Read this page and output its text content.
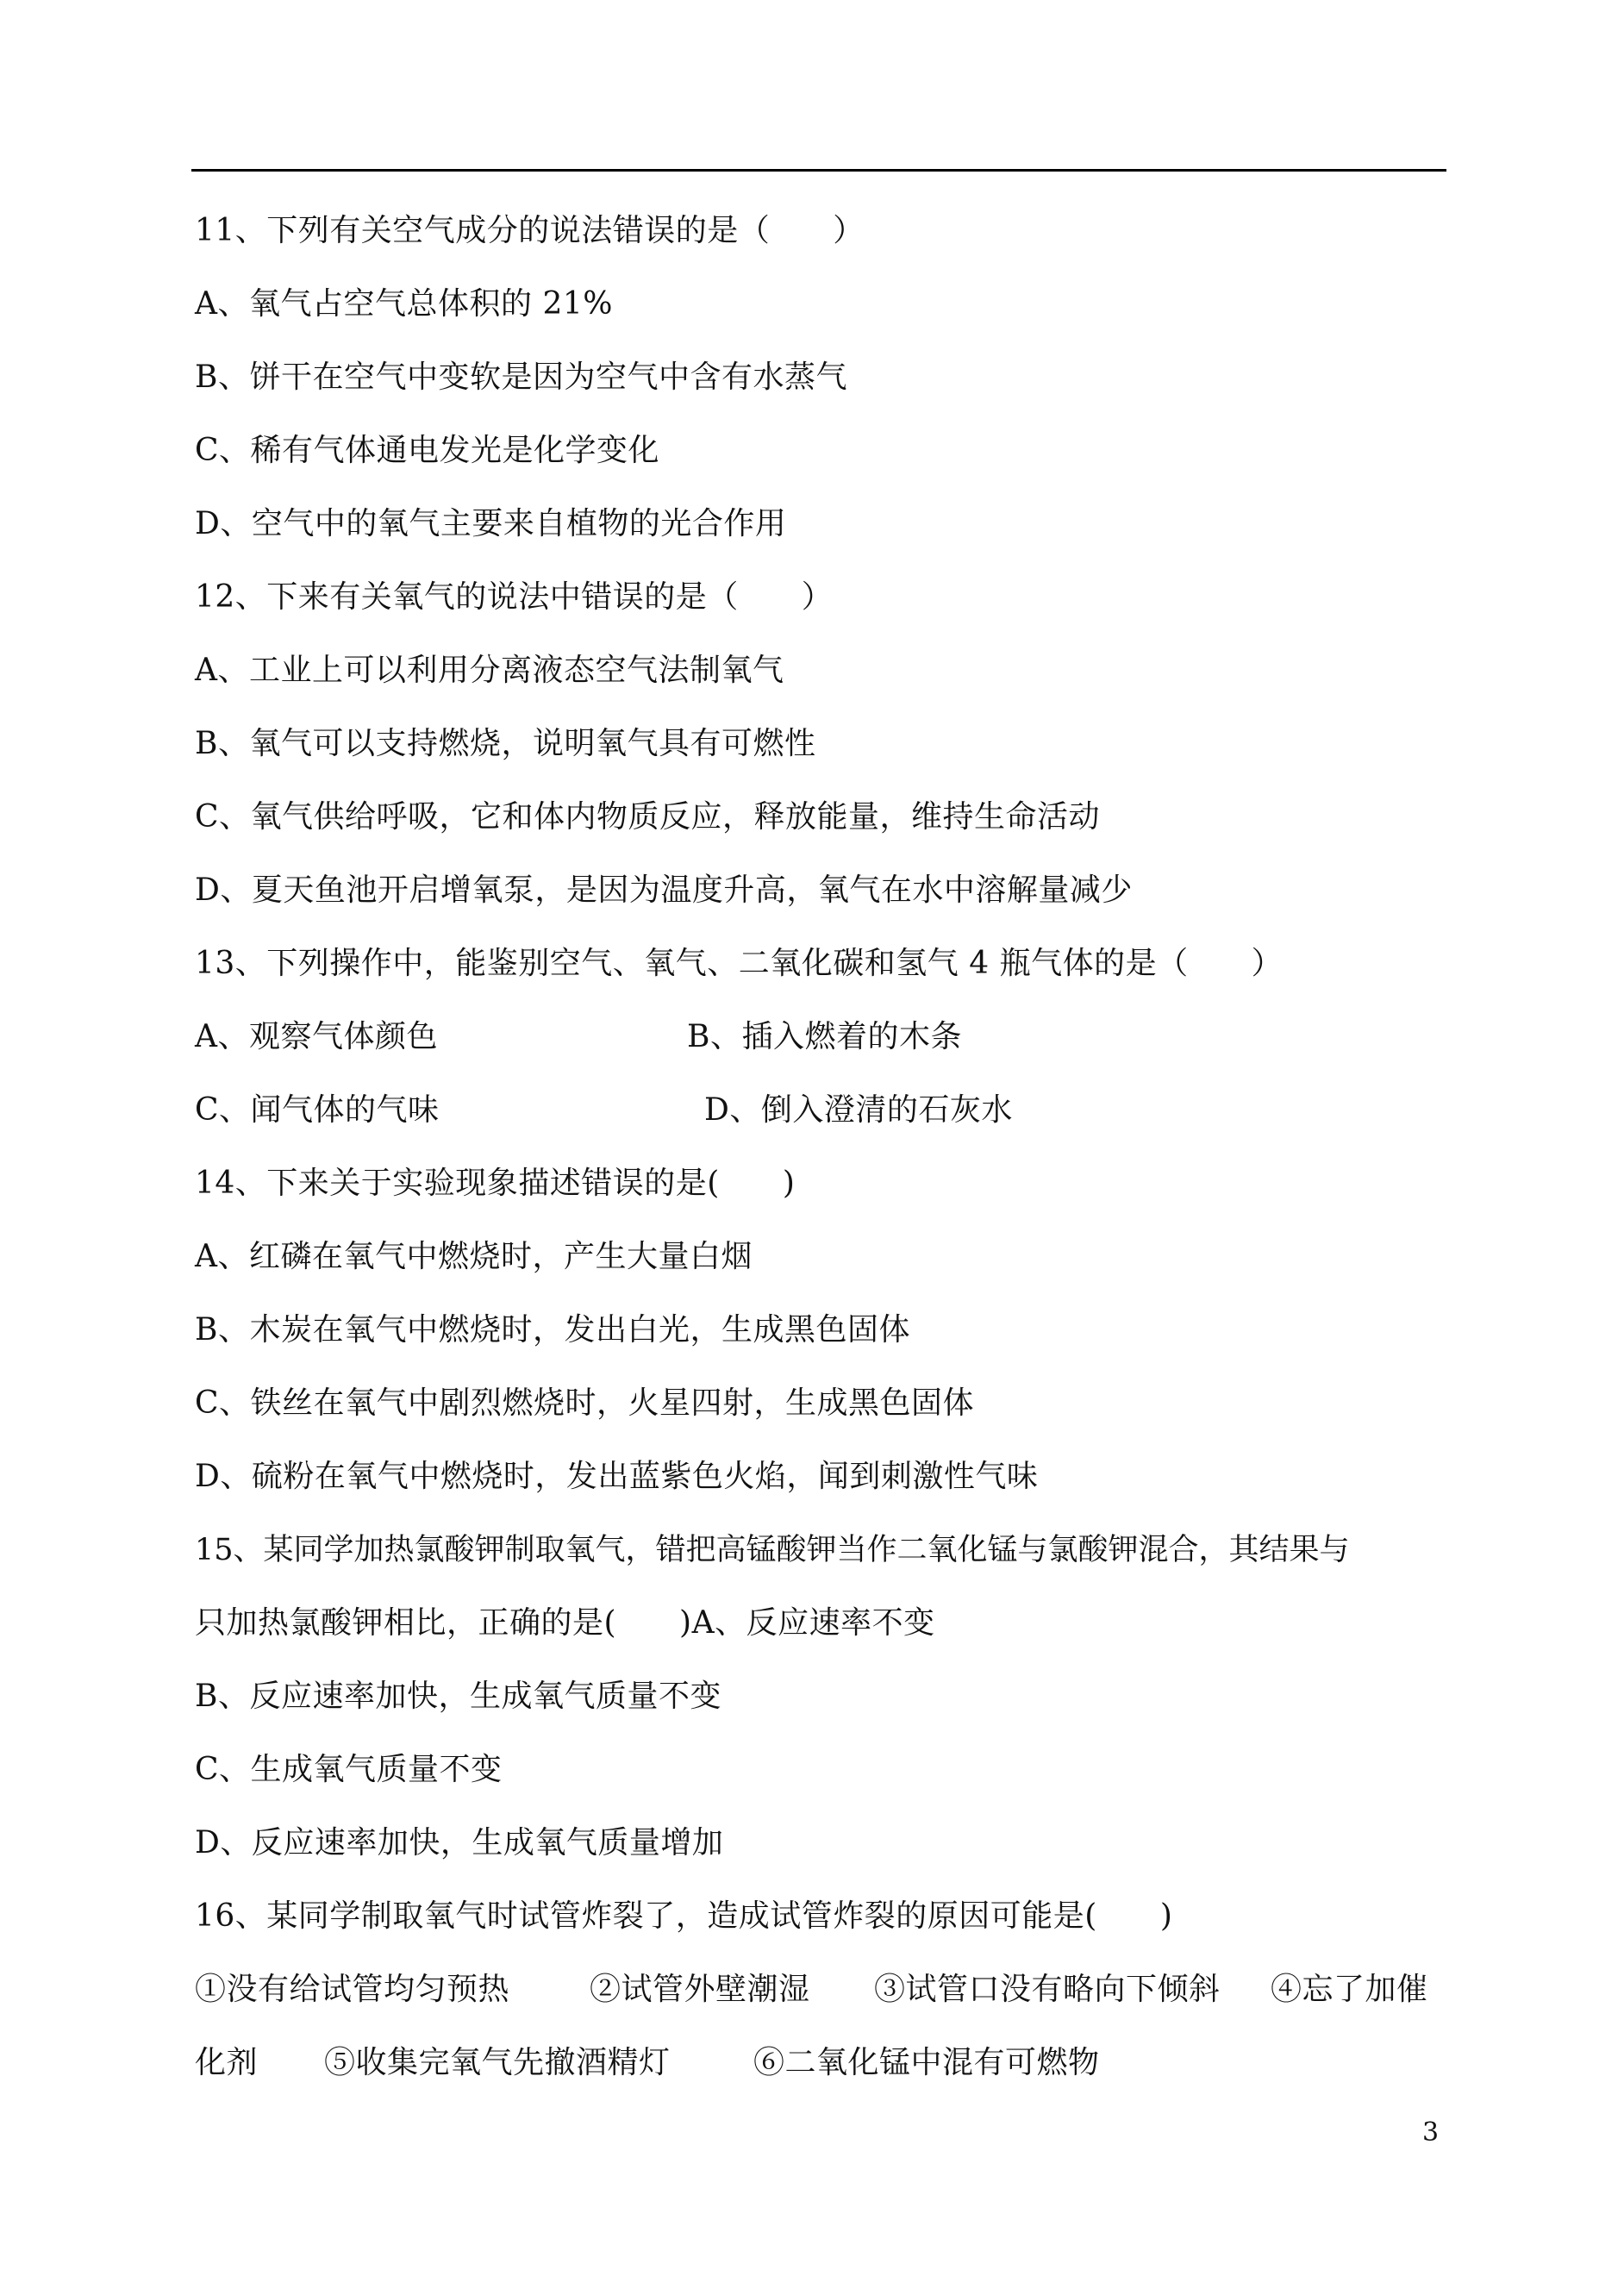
11、下列有关空气成分的说法错误的是（　　）
A、氧气占空气总体积的 21%
B、饼干在空气中变软是因为空气中含有水蒸气
C、稀有气体通电发光是化学变化
D、空气中的氧气主要来自植物的光合作用
12、下来有关氧气的说法中错误的是（　　）
A、工业上可以利用分离液态空气法制氧气
B、氧气可以支持燃烧，说明氧气具有可燃性
C、氧气供给呼吸，它和体内物质反应，释放能量，维持生命活动
D、夏天鱼池开启增氧泵，是因为温度升高，氧气在水中溶解量减少
13、下列操作中，能鉴别空气、氧气、二氧化碳和氢气 4 瓶气体的是（　　）
A、观察气体颜色	B、插入燃着的木条
C、闻气体的气味	D、倒入澄清的石灰水
14、下来关于实验现象描述错误的是(　　)
A、红磷在氧气中燃烧时，产生大量白烟
B、木炭在氧气中燃烧时，发出白光，生成黑色固体
C、铁丝在氧气中剧烈燃烧时，火星四射，生成黑色固体
D、硫粉在氧气中燃烧时，发出蓝紫色火焰，闻到刺激性气味
15、某同学加热氯酸钾制取氧气，错把高锰酸钾当作二氧化锰与氯酸钾混合，其结果与
只加热氯酸钾相比，正确的是(　　)A、反应速率不变
B、反应速率加快，生成氧气质量不变
C、生成氧气质量不变
D、反应速率加快，生成氧气质量增加
16、某同学制取氧气时试管炸裂了，造成试管炸裂的原因可能是(　　)
①没有给试管均匀预热	②试管外壁潮湿 ③试管口没有略向下倾斜 ④忘了加催
化剂 ⑤收集完氧气先撤酒精灯	⑥二氧化锰中混有可燃物
3
